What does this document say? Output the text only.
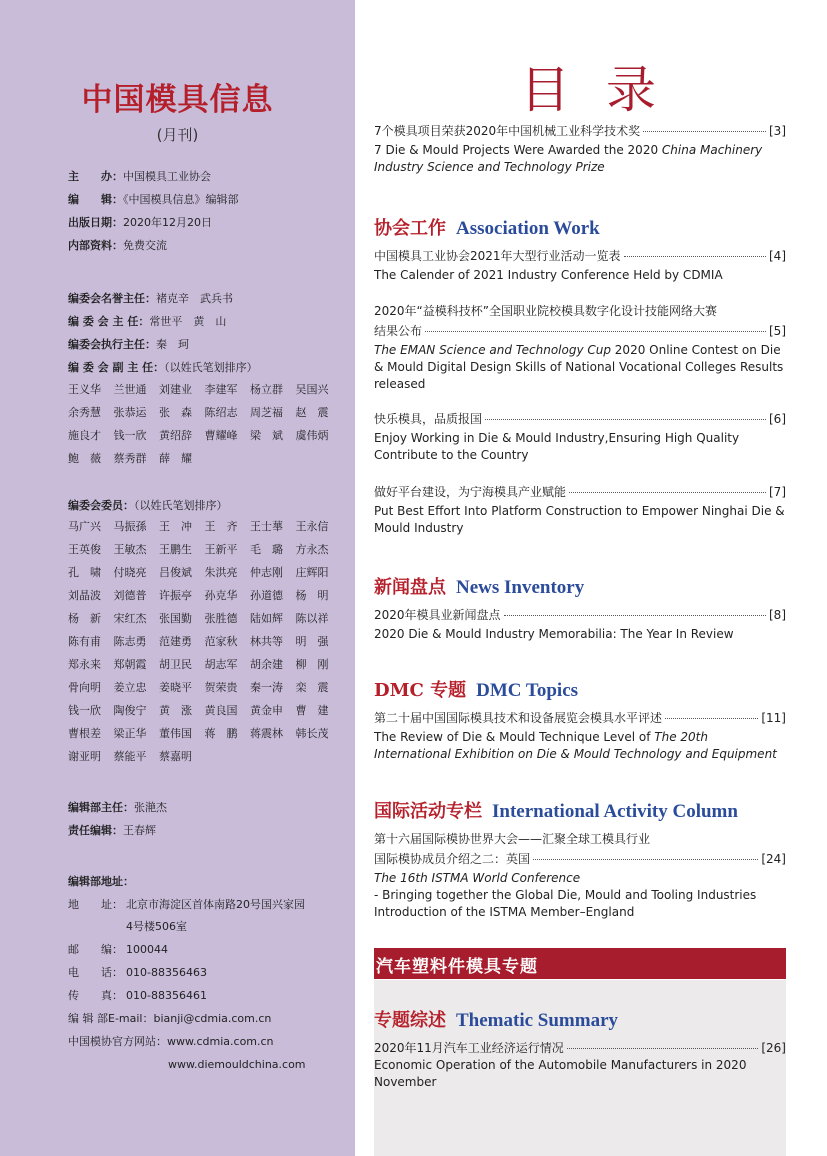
中国模具信息
(月刊)
主　　办：中国模具工业协会
编　　辑：《中国模具信息》编辑部
出版日期：2020年12月20日
内部资料：免费交流
编委会名誉主任：褚克辛　武兵书
编 委 会 主 任：常世平　黄　山
编委会执行主任：秦　珂
编 委 会 副 主 任：（以姓氏笔划排序）
王义华	兰世通	刘建业	李建军	杨立群	吴国兴
余秀慧	张恭运	张　森	陈绍志	周芝福	赵　震
施良才	钱一欣	黄绍辞	曹耀峰	梁　斌	虞伟炳
鲍　薇	蔡秀群	薛　耀
编委会委员：（以姓氏笔划排序）
马广兴	马振孫	王　冲	王　齐	王士蕐	王永信
王英俊	王敏杰	王鹏生	王新平	毛　璐	方永杰
孔　啸	付晓亮	吕俊斌	朱洪亮	仲志刚	庄辉阳
刘晶波	刘德普	许振亭	孙克华	孙道德	杨　明
杨　新	宋红杰	张国勤	张胜德	陆如辉	陈以祥
陈有甫	陈志勇	范建勇	范家秋	林共等	明　强
郑永来	郑朝霞	胡卫民	胡志军	胡余建	柳　刚
骨向明	姜立忠	姜晓平	贺荣贵	秦一涛	栾　震
钱一欣	陶俊宁	黄　涨	黄良国	黄金申	曹　建
曹根差	梁正华	董伟国	蒋　鹏	蒋震林	韩长茂
谢亚明	蔡能平	蔡嘉明
编辑部主任：张滟杰
责任编辑：王春辉
编辑部地址：
地　　址： 北京市海淀区首体南路20号国兴家园
4号楼506室
邮　　编： 100044
电　　话： 010-88356463
传　　真： 010-88356461
编 辑 部E-mail：bianji@cdmia.com.cn
中国模协官方网站：www.cdmia.com.cn
www.diemouldchina.com
目录
7个模具项目荣获2020年中国机械工业科学技术奖	[3]
7 Die & Mould Projects Were Awarded the 2020 China Machinery Industry Science and Technology Prize
协会工作 Association Work
中国模具工业协会2021年大型行业活动一览表	[4]
The Calender of 2021 Industry Conference Held by CDMIA
2020年“益模科技杯”全国职业院校模具数字化设计技能网络大赛
结果公布	[5]
The EMAN Science and Technology Cup 2020 Online Contest on Die & Mould Digital Design Skills of National Vocational Colleges Results released
快乐模具，品质报国	[6]
Enjoy Working in Die & Mould Industry,Ensuring High Quality Contribute to the Country
做好平台建设，为宁海模具产业赋能	[7]
Put Best Effort Into Platform Construction to Empower Ninghai Die & Mould Industry
新闻盘点 News Inventory
2020年模具业新闻盘点	[8]
2020 Die & Mould Industry Memorabilia: The Year In Review
DMC 专题 DMC Topics
第二十届中国国际模具技术和设备展览会模具水平评述	[11]
The Review of Die & Mould Technique Level of The 20th International Exhibition on Die & Mould Technology and Equipment
国际活动专栏 International Activity Column
第十六届国际模协世界大会——汇聚全球工模具行业
国际模协成员介绍之二：英国	[24]
The 16th ISTMA World Conference
- Bringing together the Global Die, Mould and Tooling Industries Introduction of the ISTMA Member–England
汽车塑料件模具专题
专题综述 Thematic Summary
2020年11月汽车工业经济运行情况	[26]
Economic Operation of the Automobile Manufacturers in 2020 November
